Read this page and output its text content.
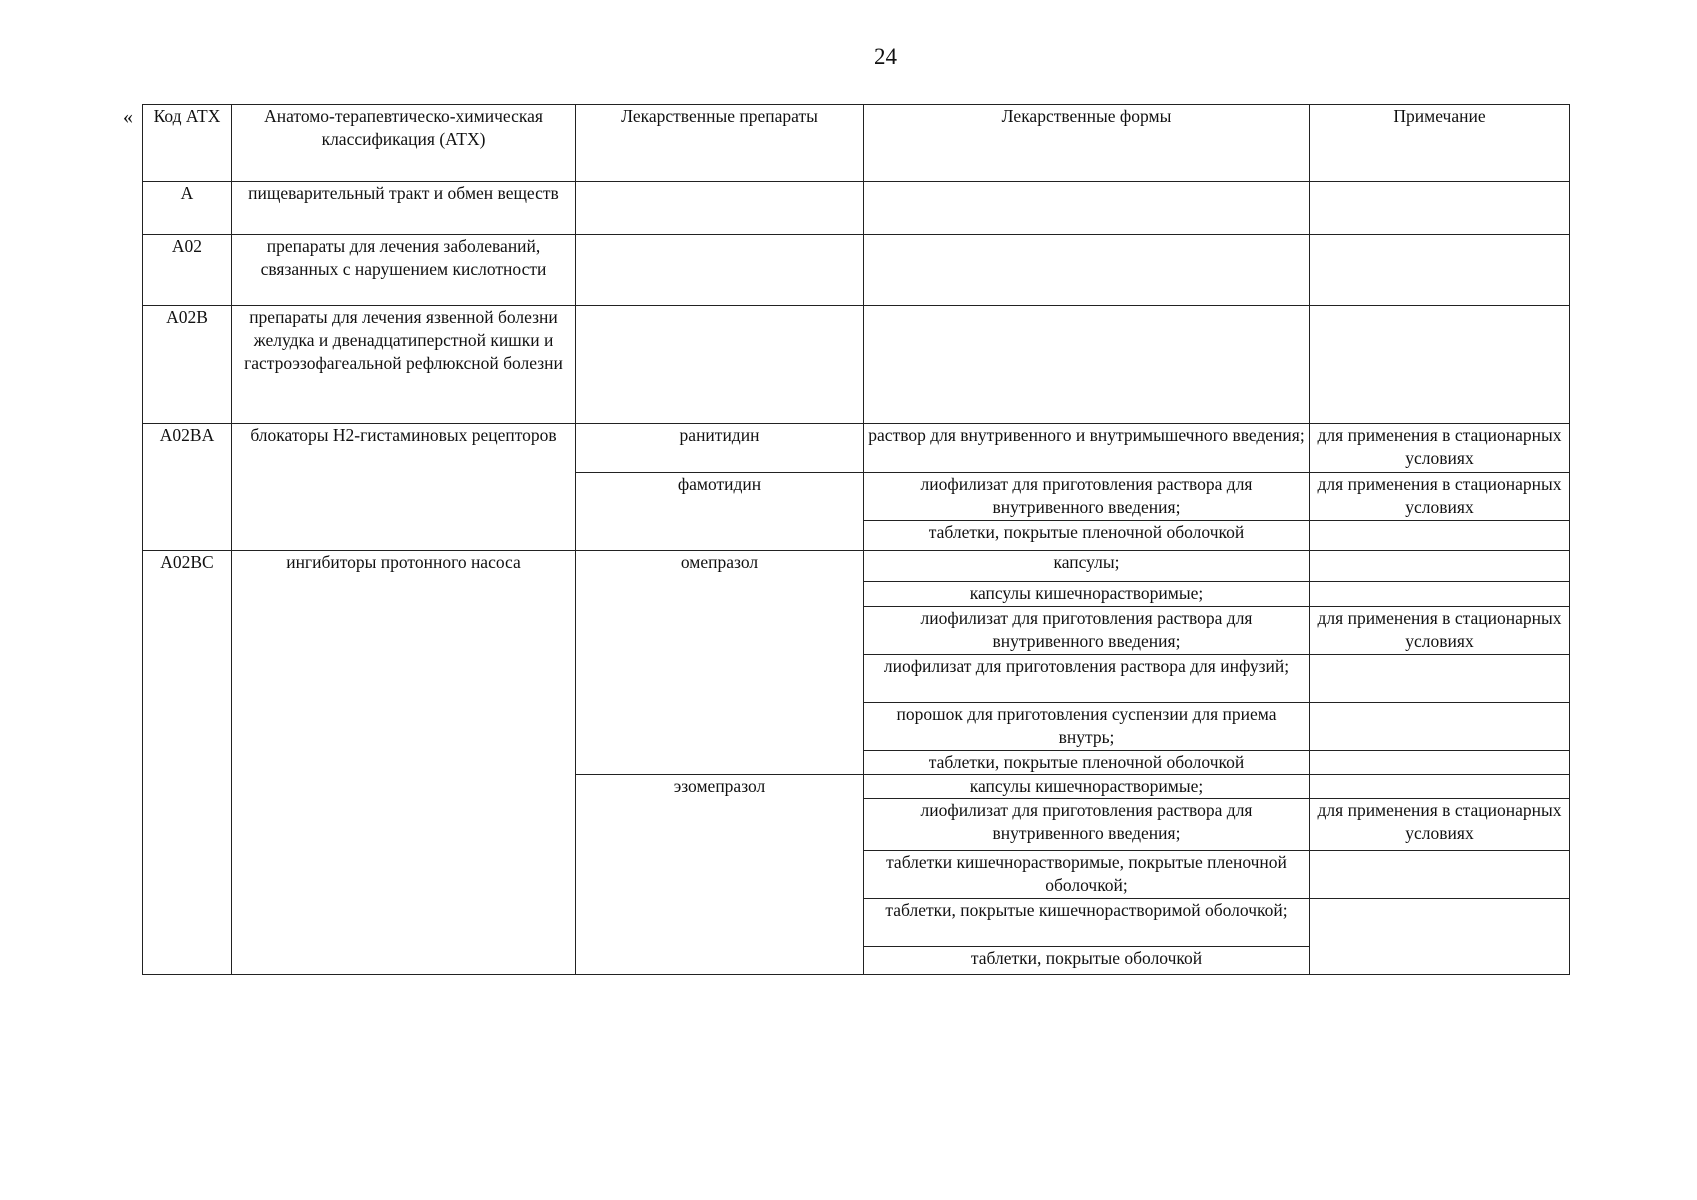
24
« Код АТХ	Анатомо-терапевтическо-химическая классификация (АТХ)	Лекарственные препараты	Лекарственные формы	Примечание
A	пищеварительный тракт и обмен веществ			
A02	препараты для лечения заболеваний, связанных с нарушением кислотности			
A02B	препараты для лечения язвенной болезни желудка и двенадцатиперстной кишки и гастроэзофагеальной рефлюксной болезни			
A02BA	блокаторы H2-гистаминовых рецепторов	ранитидин	раствор для внутривенного и внутримышечного введения;	для применения в стационарных условиях
		фамотидин	лиофилизат для приготовления раствора для внутривенного введения;	для применения в стационарных условиях
			таблетки, покрытые пленочной оболочкой	
A02BC	ингибиторы протонного насоса	омепразол	капсулы;	
			капсулы кишечнорастворимые;	
			лиофилизат для приготовления раствора для внутривенного введения;	для применения в стационарных условиях
			лиофилизат для приготовления раствора для инфузий;	
			порошок для приготовления суспензии для приема внутрь;	
			таблетки, покрытые пленочной оболочкой	
		эзомепразол	капсулы кишечнорастворимые;	
			лиофилизат для приготовления раствора для внутривенного введения;	для применения в стационарных условиях
			таблетки кишечнорастворимые, покрытые пленочной оболочкой;	
			таблетки, покрытые кишечнорастворимой оболочкой;	
			таблетки, покрытые оболочкой	
